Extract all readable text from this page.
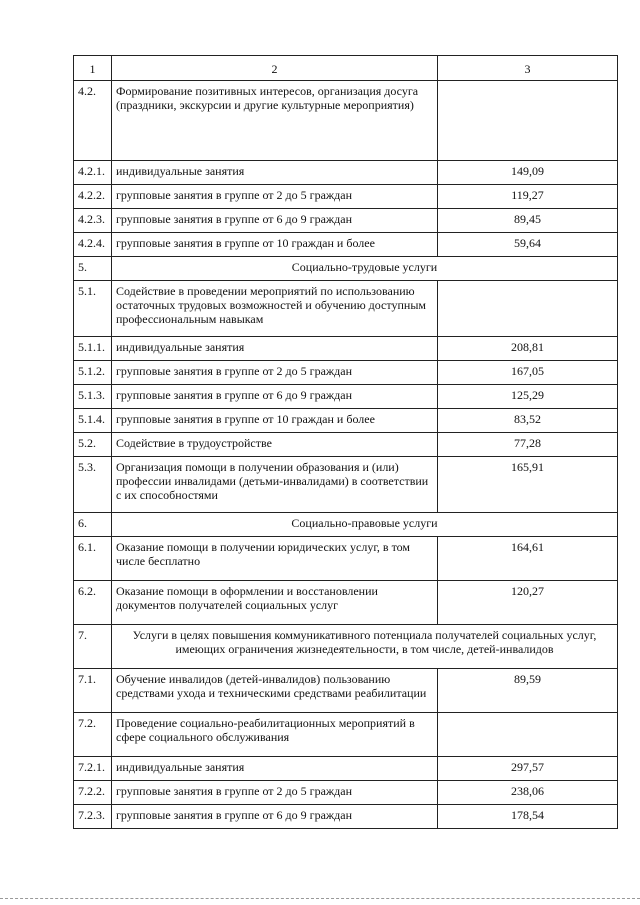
1	2	3
4.2.	Формирование позитивных интересов, организация досуга (праздники, экскурсии и другие культурные мероприятия)	
4.2.1.	индивидуальные занятия	149,09
4.2.2.	групповые занятия в группе от 2 до 5 граждан	119,27
4.2.3.	групповые занятия в группе от 6 до 9 граждан	89,45
4.2.4.	групповые занятия в группе от 10 граждан и более	59,64
5.	Социально-трудовые услуги	
5.1.	Содействие в проведении мероприятий по использованию остаточных трудовых возможностей и обучению доступным профессиональным навыкам	
5.1.1.	индивидуальные занятия	208,81
5.1.2.	групповые занятия в группе от 2 до 5 граждан	167,05
5.1.3.	групповые занятия в группе от 6 до 9 граждан	125,29
5.1.4.	групповые занятия в группе от 10 граждан и более	83,52
5.2.	Содействие в трудоустройстве	77,28
5.3.	Организация помощи в получении образования и (или) профессии инвалидами (детьми-инвалидами) в соответствии с их способностями	165,91
6.	Социально-правовые услуги	
6.1.	Оказание помощи в получении юридических услуг, в том числе бесплатно	164,61
6.2.	Оказание помощи в оформлении и восстановлении документов получателей социальных услуг	120,27
7.	Услуги в целях повышения коммуникативного потенциала получателей социальных услуг, имеющих ограничения жизнедеятельности, в том числе, детей-инвалидов	
7.1.	Обучение инвалидов (детей-инвалидов) пользованию средствами ухода и техническими средствами реабилитации	89,59
7.2.	Проведение социально-реабилитационных мероприятий в сфере социального обслуживания	
7.2.1.	индивидуальные занятия	297,57
7.2.2.	групповые занятия в группе от 2 до 5 граждан	238,06
7.2.3.	групповые занятия в группе от 6 до 9 граждан	178,54
